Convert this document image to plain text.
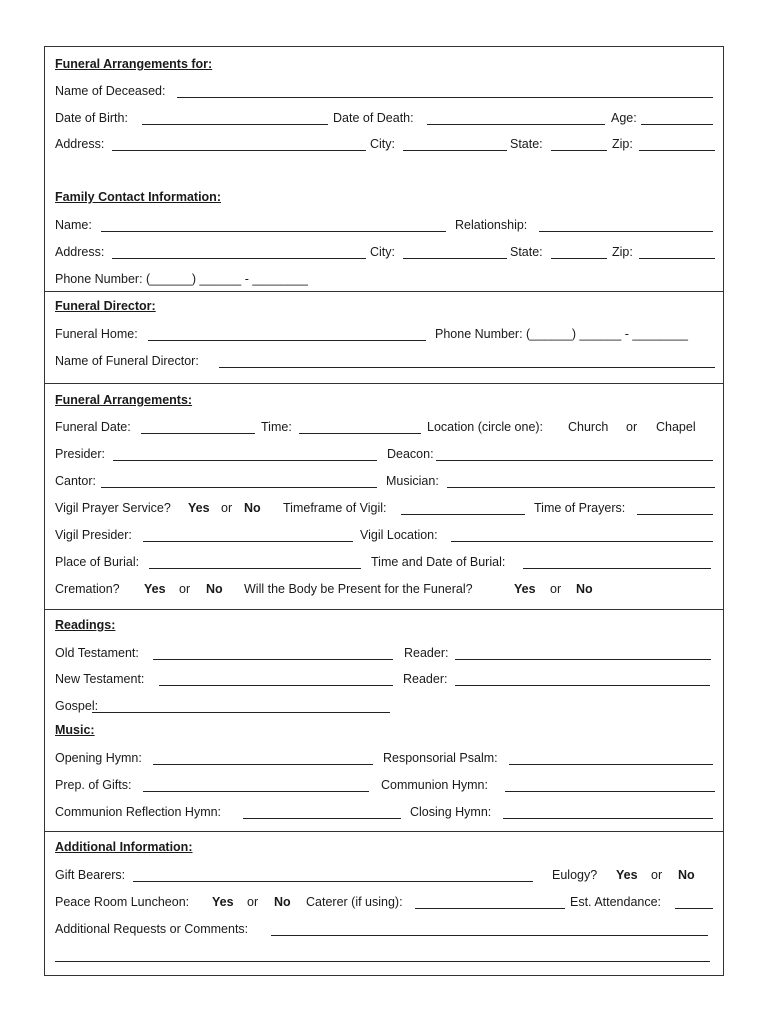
Funeral Arrangements for:
Name of Deceased:
Date of Birth:	Date of Death:	Age:
Address:	City:	State:	Zip:
Family Contact Information:
Name:	Relationship:
Address:	City:	State:	Zip:
Phone Number: (______) ______ - ________
Funeral Director:
Funeral Home:	Phone Number: (______) ______ - ________
Name of Funeral Director:
Funeral Arrangements:
Funeral Date:	Time:	Location (circle one): Church or Chapel
Presider:	Deacon:
Cantor:	Musician:
Vigil Prayer Service? Yes or No Timeframe of Vigil:	Time of Prayers:
Vigil Presider:	Vigil Location:
Place of Burial:	Time and Date of Burial:
Cremation? Yes or No Will the Body be Present for the Funeral?	Yes or No
Readings:
Old Testament:	Reader:
New Testament:	Reader:
Gospel:
Music:
Opening Hymn:	Responsorial Psalm:
Prep. of Gifts:	Communion Hymn:
Communion Reflection Hymn:	Closing Hymn:
Additional Information:
Gift Bearers:	Eulogy? Yes or No
Peace Room Luncheon: Yes or No Caterer (if using):	Est. Attendance:
Additional Requests or Comments:
